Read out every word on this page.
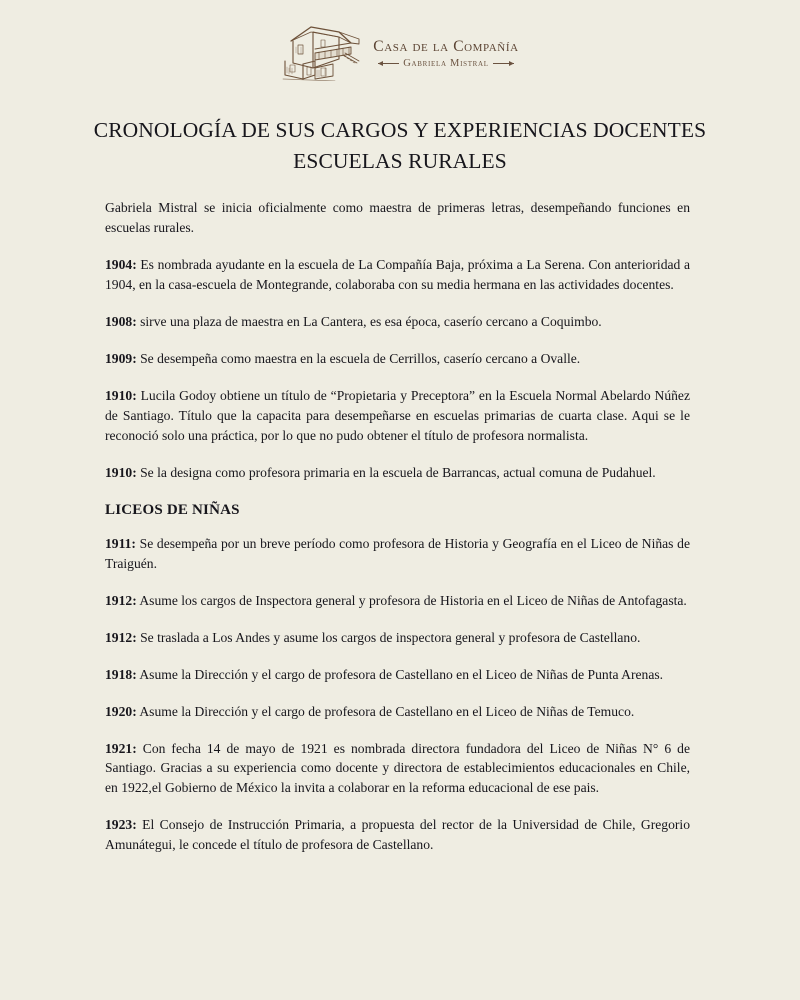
Casa de la Compañía
Gabriela Mistral
CRONOLOGÍA DE SUS CARGOS Y EXPERIENCIAS DOCENTES
ESCUELAS RURALES

Gabriela Mistral se inicia oficialmente como maestra de primeras letras, desempeñando funciones en escuelas rurales.

1904: Es nombrada ayudante en la escuela de La Compañía Baja, próxima a La Serena. Con anterioridad a 1904, en la casa-escuela de Montegrande, colaboraba con su media hermana en las actividades docentes.

1908: sirve una plaza de maestra en La Cantera, es esa época, caserío cercano a Coquimbo.

1909: Se desempeña como maestra en la escuela de Cerrillos, caserío cercano a Ovalle.

1910: Lucila Godoy obtiene un título de “Propietaria y Preceptora” en la Escuela Normal Abelardo Núñez de Santiago. Título que la capacita para desempeñarse en escuelas primarias de cuarta clase. Aqui se le reconoció solo una práctica, por lo que no pudo obtener el título de profesora normalista.

1910: Se la designa como profesora primaria en la escuela de Barrancas, actual comuna de Pudahuel.

LICEOS DE NIÑAS

1911: Se desempeña por un breve período como profesora de Historia y Geografía en el Liceo de Niñas de Traiguén.

1912: Asume los cargos de Inspectora general y profesora de Historia en el Liceo de Niñas de Antofagasta.

1912: Se traslada a Los Andes y asume los cargos de inspectora general y profesora de Castellano.

1918: Asume la Dirección y el cargo de profesora de Castellano en el Liceo de Niñas de Punta Arenas.

1920: Asume la Dirección y el cargo de profesora de Castellano en el Liceo de Niñas de Temuco.

1921: Con fecha 14 de mayo de 1921 es nombrada directora fundadora del Liceo de Niñas N° 6 de Santiago. Gracias a su experiencia como docente y directora de establecimientos educacionales en Chile, en 1922,el Gobierno de México la invita a colaborar en la reforma educacional de ese pais.

1923: El Consejo de Instrucción Primaria, a propuesta del rector de la Universidad de Chile, Gregorio Amunátegui, le concede el título de profesora de Castellano.
